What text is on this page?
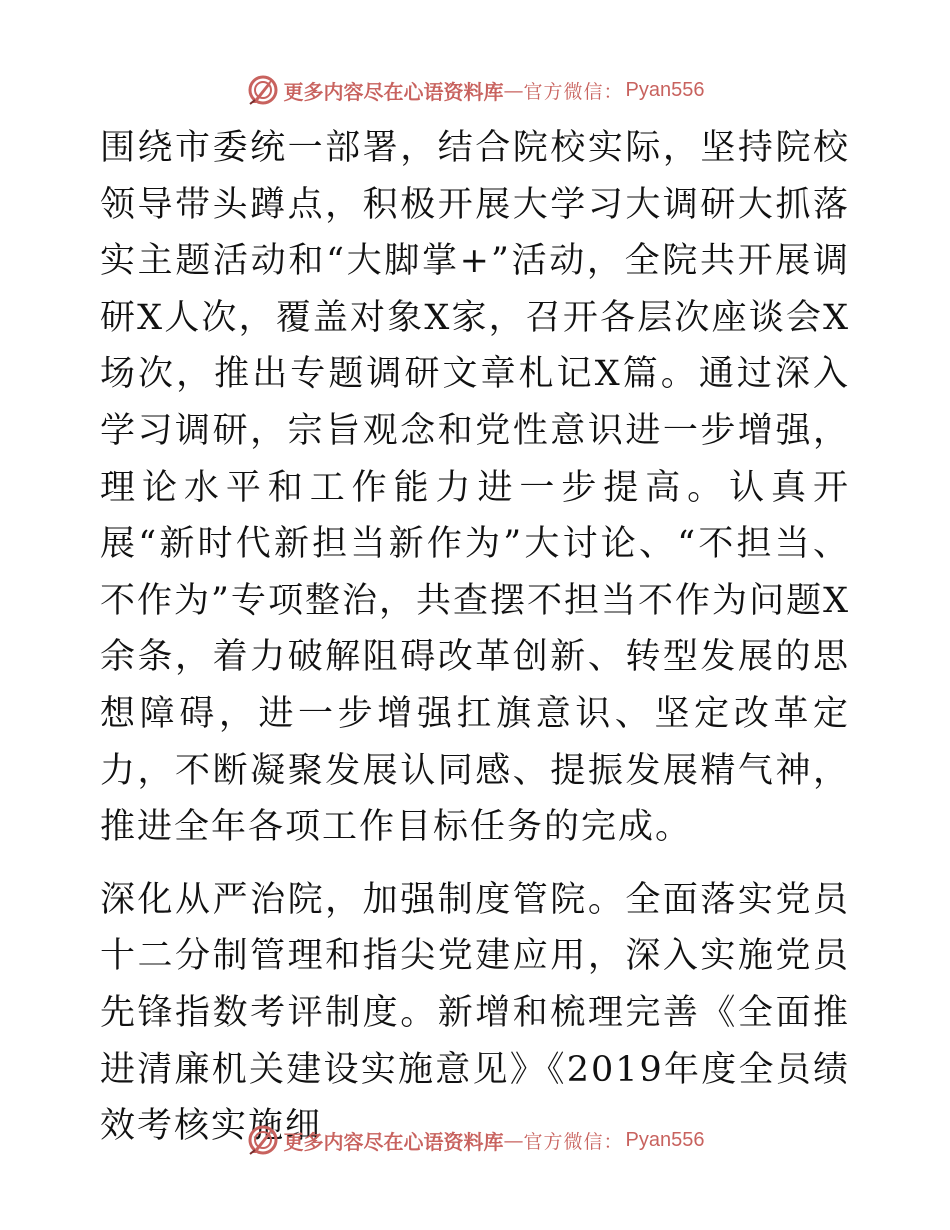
更多内容尽在心语资料库 — 官方微信： Pyan556

围绕市委统一部署，结合院校实际，坚持院校领导带头蹲点，积极开展大学习大调研大抓落实主题活动和“大脚掌+”活动，全院共开展调研X人次，覆盖对象X家，召开各层次座谈会X场次，推出专题调研文章札记X篇。通过深入学习调研，宗旨观念和党性意识进一步增强，理论水平和工作能力进一步提高。认真开展“新时代新担当新作为”大讨论、“不担当、不作为”专项整治，共查摆不担当不作为问题X余条，着力破解阻碍改革创新、转型发展的思想障碍，进一步增强扛旗意识、坚定改革定力，不断凝聚发展认同感、提振发展精气神，推进全年各项工作目标任务的完成。

深化从严治院，加强制度管院。全面落实党员十二分制管理和指尖党建应用，深入实施党员先锋指数考评制度。新增和梳理完善《全面推进清廉机关建设实施意见》《2019年度全员绩效考核实施细

更多内容尽在心语资料库 — 官方微信： Pyan556
